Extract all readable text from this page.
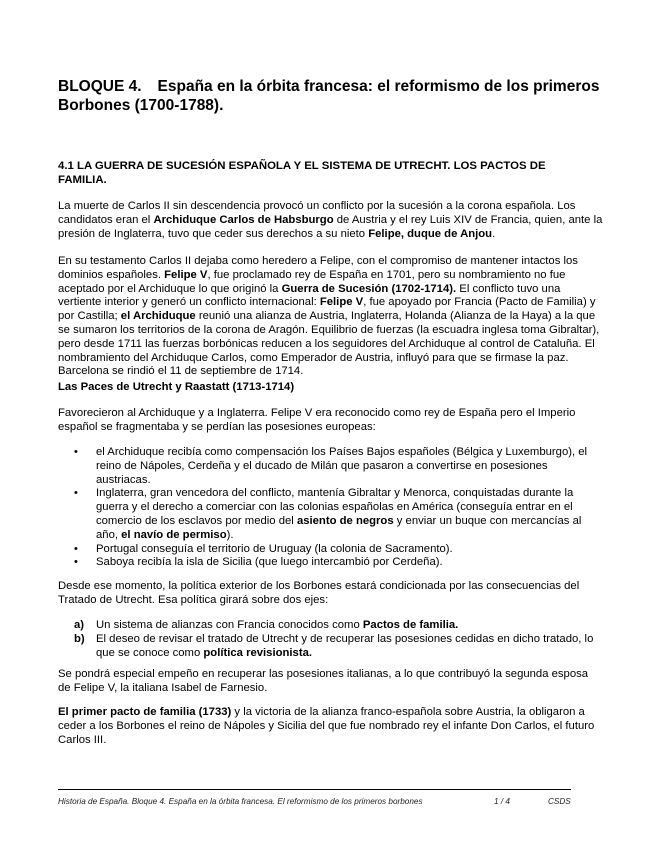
BLOQUE 4. España en la órbita francesa: el reformismo de los primeros Borbones (1700-1788).
4.1 LA GUERRA DE SUCESIÓN ESPAÑOLA Y EL SISTEMA DE UTRECHT. LOS PACTOS DE FAMILIA.
La muerte de Carlos II sin descendencia provocó un conflicto por la sucesión a la corona española. Los candidatos eran el Archiduque Carlos de Habsburgo de Austria y el rey Luis XIV de Francia, quien, ante la presión de Inglaterra, tuvo que ceder sus derechos a su nieto Felipe, duque de Anjou.
En su testamento Carlos II dejaba como heredero a Felipe, con el compromiso de mantener intactos los dominios españoles. Felipe V, fue proclamado rey de España en 1701, pero su nombramiento no fue aceptado por el Archiduque lo que originó la Guerra de Sucesión (1702-1714). El conflicto tuvo una vertiente interior y generó un conflicto internacional: Felipe V, fue apoyado por Francia (Pacto de Familia) y por Castilla; el Archiduque reunió una alianza de Austria, Inglaterra, Holanda (Alianza de la Haya) a la que se sumaron los territorios de la corona de Aragón. Equilibrio de fuerzas (la escuadra inglesa toma Gibraltar), pero desde 1711 las fuerzas borbónicas reducen a los seguidores del Archiduque al control de Cataluña. El nombramiento del Archiduque Carlos, como Emperador de Austria, influyó para que se firmase la paz. Barcelona se rindió el 11 de septiembre de 1714.
Las Paces de Utrecht y Raastatt (1713-1714)
Favorecieron al Archiduque y a Inglaterra. Felipe V era reconocido como rey de España pero el Imperio español se fragmentaba y se perdían las posesiones europeas:
• el Archiduque recibía como compensación los Países Bajos españoles (Bélgica y Luxemburgo), el reino de Nápoles, Cerdeña y el ducado de Milán que pasaron a convertirse en posesiones austriacas.
• Inglaterra, gran vencedora del conflicto, mantenía Gibraltar y Menorca, conquistadas durante la guerra y el derecho a comerciar con las colonias españolas en América (conseguía entrar en el comercio de los esclavos por medio del asiento de negros y enviar un buque con mercancías al año, el navío de permiso).
• Portugal conseguía el territorio de Uruguay (la colonia de Sacramento).
• Saboya recibía la isla de Sicilia (que luego intercambió por Cerdeña).
Desde ese momento, la política exterior de los Borbones estará condicionada por las consecuencias del Tratado de Utrecht. Esa política girará sobre dos ejes:
a) Un sistema de alianzas con Francia conocidos como Pactos de familia.
b) El deseo de revisar el tratado de Utrecht y de recuperar las posesiones cedidas en dicho tratado, lo que se conoce como política revisionista.
Se pondrá especial empeño en recuperar las posesiones italianas, a lo que contribuyó la segunda esposa de Felipe V, la italiana Isabel de Farnesio.
El primer pacto de familia (1733) y la victoria de la alianza franco-española sobre Austria, la obligaron a ceder a los Borbones el reino de Nápoles y Sicilia del que fue nombrado rey el infante Don Carlos, el futuro Carlos III.
Historia de España. Bloque 4. España en la órbita francesa. El reformismo de los primeros borbones	1 / 4	CSDS
